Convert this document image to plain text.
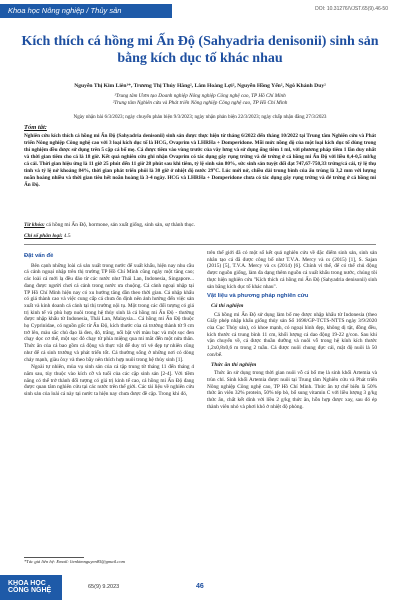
Khoa học Nông nghiệp / Thủy sản	DOI: 10.31276/VJST.65(9).46-50
Kích thích cá hồng mi Ấn Độ (Sahyadria denisonii) sinh sản bằng kích dục tố khác nhau
Nguyễn Thị Kim Liên¹*, Trương Thị Thúy Hằng², Lâm Hoàng Lợi², Nguyễn Hồng Yến², Ngô Khánh Duy²
¹Trung tâm Ươm tạo Doanh nghiệp Nông nghiệp Công nghệ cao, TP Hồ Chí Minh
²Trung tâm Nghiên cứu và Phát triển Nông nghiệp Công nghệ cao, TP Hồ Chí Minh
Ngày nhận bài 6/3/2023; ngày chuyển phản biện 9/3/2023; ngày nhận phản biện 22/3/2023; ngày chấp nhận đăng 27/3/2023
Tóm tắt:
Nghiên cứu kích thích cá hồng mi Ấn Độ (Sahyadria denisonii) sinh sản được thực hiện từ tháng 6/2022 đến tháng 10/2022 tại Trung tâm Nghiên cứu và Phát triển Nông nghiệp Công nghệ cao với 3 loại kích dục tố là HCG, Ovaprim và LHRHa + Domperidone. Mỗi mức nồng độ của một loại kích dục tố dùng trong thí nghiệm đều được sử dụng trên 5 cặp cá bố mẹ. Cá được tiêm vào vùng trước của vây lưng và sử dụng ống tiêm 1 ml, với phương pháp tiêm 1 lần duy nhất và thời gian tiêm cho cá là 18 giờ. Kết quả nghiên cứu ghi nhận Ovaprim có tác dụng gây rụng trứng và đẻ trứng ở cá hồng mi Ấn Độ với liều 0,4-0,5 ml/kg cá cái. Thời gian hiệu ứng là 11 giờ 25 phút đến 11 giờ 28 phút sau khi tiêm, tỷ lệ sinh sản 80%, sức sinh sản tuyệt đối đạt 747,67-750,33 trứng/cá cái, tỷ lệ thụ tinh và tỷ lệ nở khoảng 84%, thời gian phát triển phôi là 30 giờ ở nhiệt độ nước 29°C. Lúc mới nở, chiều dài trung bình của ấu trùng là 3,2 mm với lượng noãn hoàng nhiều và thời gian tiêu hết noãn hoàng là 3-4 ngày. HCG và LHRHa + Domperidone chưa có tác dụng gây rụng trứng và đẻ trứng ở cá hồng mi Ấn Độ.
Từ khóa: cá hồng mi Ấn Độ, hormone, sản xuất giống, sinh sản, sự thành thục.
Chỉ số phân loại: 4.5
Đặt vấn đề

Bên cạnh những loài cá sản xuất trong nước để xuất khẩu, hiện nay nhu cầu cá cảnh ngoại nhập trên thị trường TP Hồ Chí Minh cũng ngày một tăng cao; các loài cá mới lạ đều đáo từ các nước như Thái Lan, Indonesia, Singapore... đang được người chơi cá cảnh trong nước ưa chuộng. Cá cảnh ngoại nhập tại TP Hồ Chí Minh hiện nay có xu hướng tăng dần theo thời gian. Cá nhập khẩu có giá thành cao và việc cung cấp cá chưa ổn định nên ảnh hưởng đến việc sản xuất và kinh doanh cá cảnh tại thị trường nội tụ. Một trong các đối tượng có giá trị kinh tế và phù hợp nuôi trong hệ thủy sinh là cá hồng mi Ấn Độ - thường được nhập khẩu từ Indonesia, Thái Lan, Malaysia... Cá hồng mi Ấn Độ thuộc họ Cyprinidae, có nguồn gốc từ Ấn Độ, kích thước của cá trưởng thành từ 9 cm trở lên, màu sắc chủ đạo là đen, đỏ, trắng, nổi bật với màu bạc và một sọc đen chạy dọc cơ thể, một sọc đỏ chạy từ phía miệng qua mi mắt đến một nửa thân. Thức ăn của cá bao gồm cá động và thực vật để duy trì vẻ đẹp tự nhiên cũng như để cá sinh trưởng và phát triển tốt. Cá thường sống ở những nơi có dòng chảy mạnh, giàu ôxy và theo bầy nên thích hợp nuôi trong hệ thủy sinh [1].

Ngoài tự nhiên, mùa vụ sinh sản của cá tập trung từ tháng 11 đến tháng 4 năm sau, tùy thuộc vào kích cỡ và tuổi của các cặp sinh sản [2-4]. Với tiềm năng có thể trở thành đối tượng có giá trị kinh tế cao, cá hồng mi Ấn Độ đang được quan tâm nghiên cứu tại các nước trên thế giới. Các tài liệu về nghiên cứu sinh sản của loài cá này tại nước ta hiện nay chưa được đề cập. Trong khi đó,

trên thế giới đã có một số kết quả nghiên cứu về đặc điểm sinh sản, sinh sản nhân tạo cá đã được công bố như T.V.A. Mercy và cs (2015) [1], S. Sajan (2015) [5], T.V.A. Mercy và cs (2014) [6]. Chính vì thế, để có thể chủ động được nguồn giống, làm đa dạng thêm nguồn cá xuất khẩu trong nước, chúng tôi thực hiện nghiên cứu "Kích thích cá hồng mi Ấn Độ (Sahyadria denisonii) sinh sản bằng kích dục tố khác nhau".

Vật liệu và phương pháp nghiên cứu
Cá thí nghiệm

Cá hồng mi Ấn Độ sử dụng làm bố mẹ được nhập khẩu từ Indonesia (theo Giấy phép nhập khẩu giống thủy sản Số 1698/GP-TCTS-NTTS ngày 3/9/2020 của Cục Thủy sản), có khoe mạnh, có ngoại hình đẹp, không dị tật, đồng đều, kích thước cá trung bình 11 cm, khối lượng cá dao động 19-22 g/con. Sau khi vận chuyển về, cá được thuần dưỡng và nuôi vỗ trong hệ kính kích thước 1,2x0,8x0,6 m trong 2 tuần. Cá được nuôi chung đực cái, mật độ nuôi là 50 con/bể.

Thức ăn thí nghiệm

Thức ăn sử dụng trong thời gian nuôi vỗ cá bố mẹ là sinh khối Artemia và trùn chỉ. Sinh khối Artemia được nuôi tại Trung tâm Nghiên cứu và Phát triển Nông nghiệp Công nghệ cao, TP Hồ Chí Minh. Thức ăn tự chế biến là 50% thức ăn viên 32% protein, 50% tép bò, bổ sung vitamin C với liều lượng 3 g/kg thức ăn, chất kết dính với liều 2 g/kg thức ăn, hỗn hợp được xay, sau đó ép thành viên nhỏ và phơi khô ở nhiệt độ phòng.

*Tác giả liên hệ: Email: lienkimnguyen85@gmail.com
KHOA HỌC CÔNG NGHỆ	65(9) 9.2023	46
